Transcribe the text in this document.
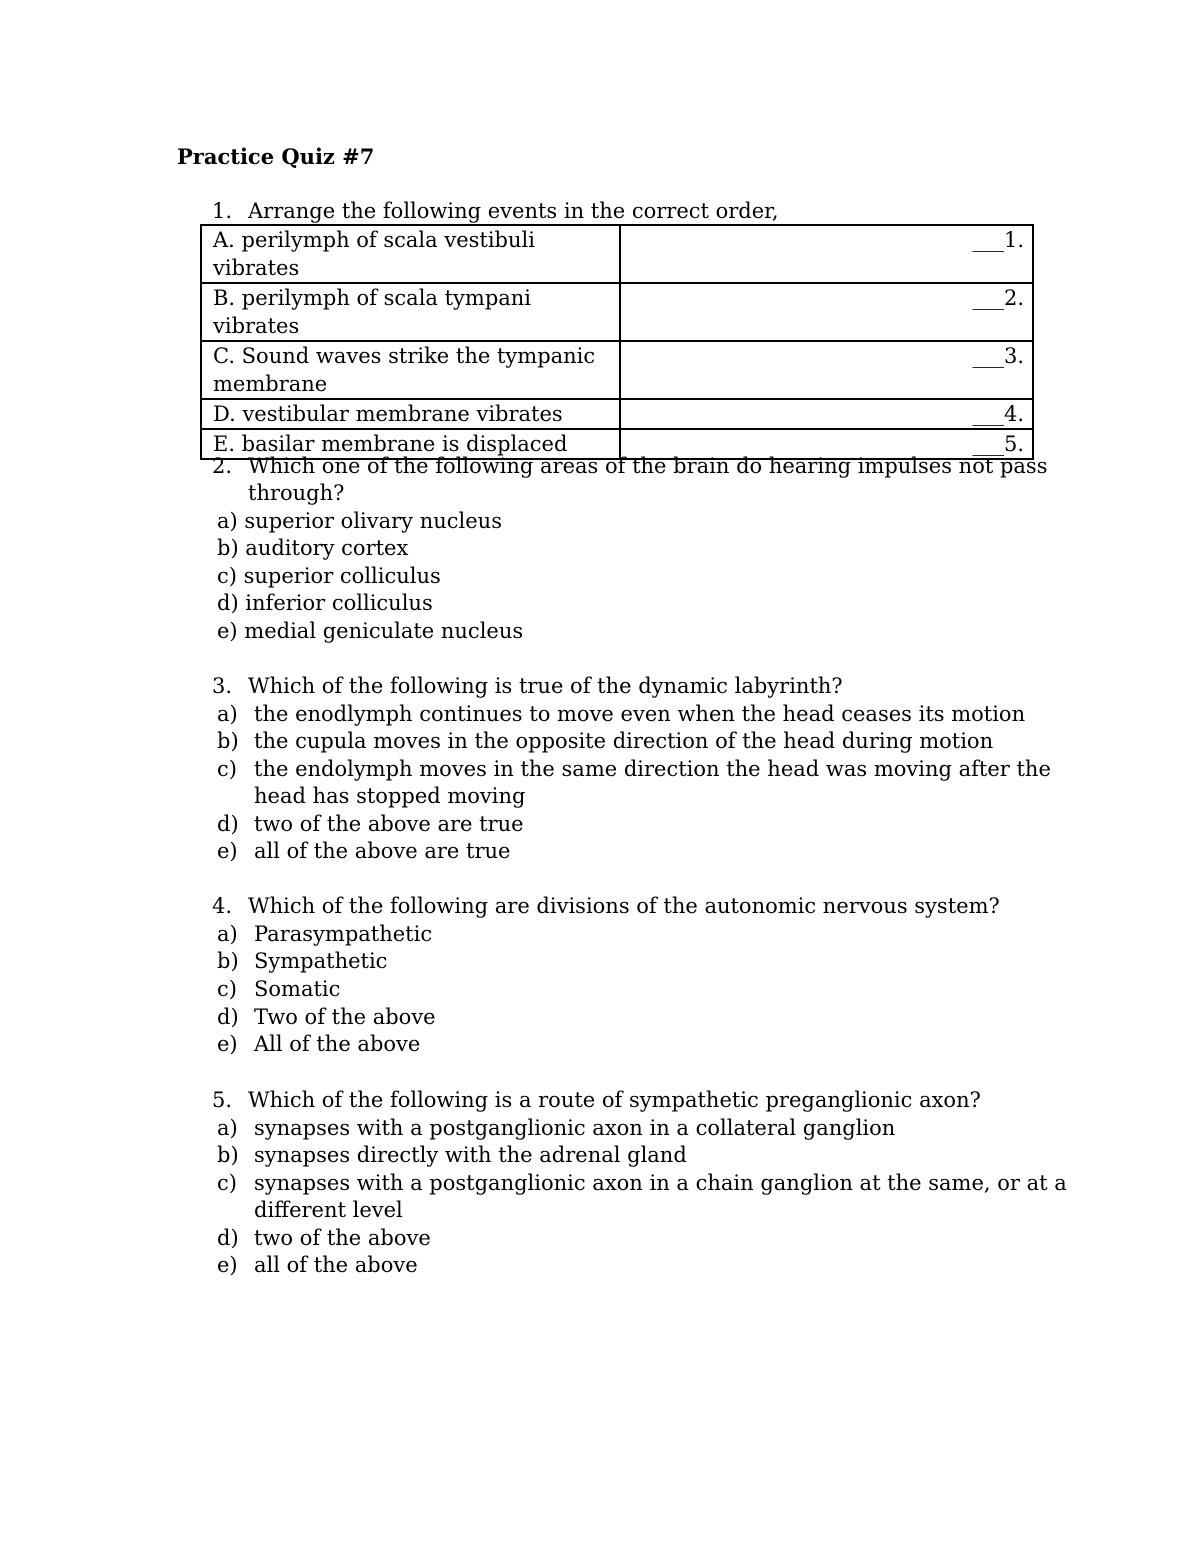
Practice Quiz #7
1. Arrange the following events in the correct order,
A. perilymph of scala vestibuli vibrates	___1.
B. perilymph of scala tympani vibrates	___2.
C. Sound waves strike the tympanic membrane	___3.
D. vestibular membrane vibrates	___4.
E. basilar membrane is displaced	___5.
2. Which one of the following areas of the brain do hearing impulses not pass
through?
a) superior olivary nucleus
b) auditory cortex
c) superior colliculus
d) inferior colliculus
e) medial geniculate nucleus
3. Which of the following is true of the dynamic labyrinth?
a) the enodlymph continues to move even when the head ceases its motion
b) the cupula moves in the opposite direction of the head during motion
c) the endolymph moves in the same direction the head was moving after the
head has stopped moving
d) two of the above are true
e) all of the above are true
4. Which of the following are divisions of the autonomic nervous system?
a) Parasympathetic
b) Sympathetic
c) Somatic
d) Two of the above
e) All of the above
5. Which of the following is a route of sympathetic preganglionic axon?
a) synapses with a postganglionic axon in a collateral ganglion
b) synapses directly with the adrenal gland
c) synapses with a postganglionic axon in a chain ganglion at the same, or at a
different level
d) two of the above
e) all of the above
